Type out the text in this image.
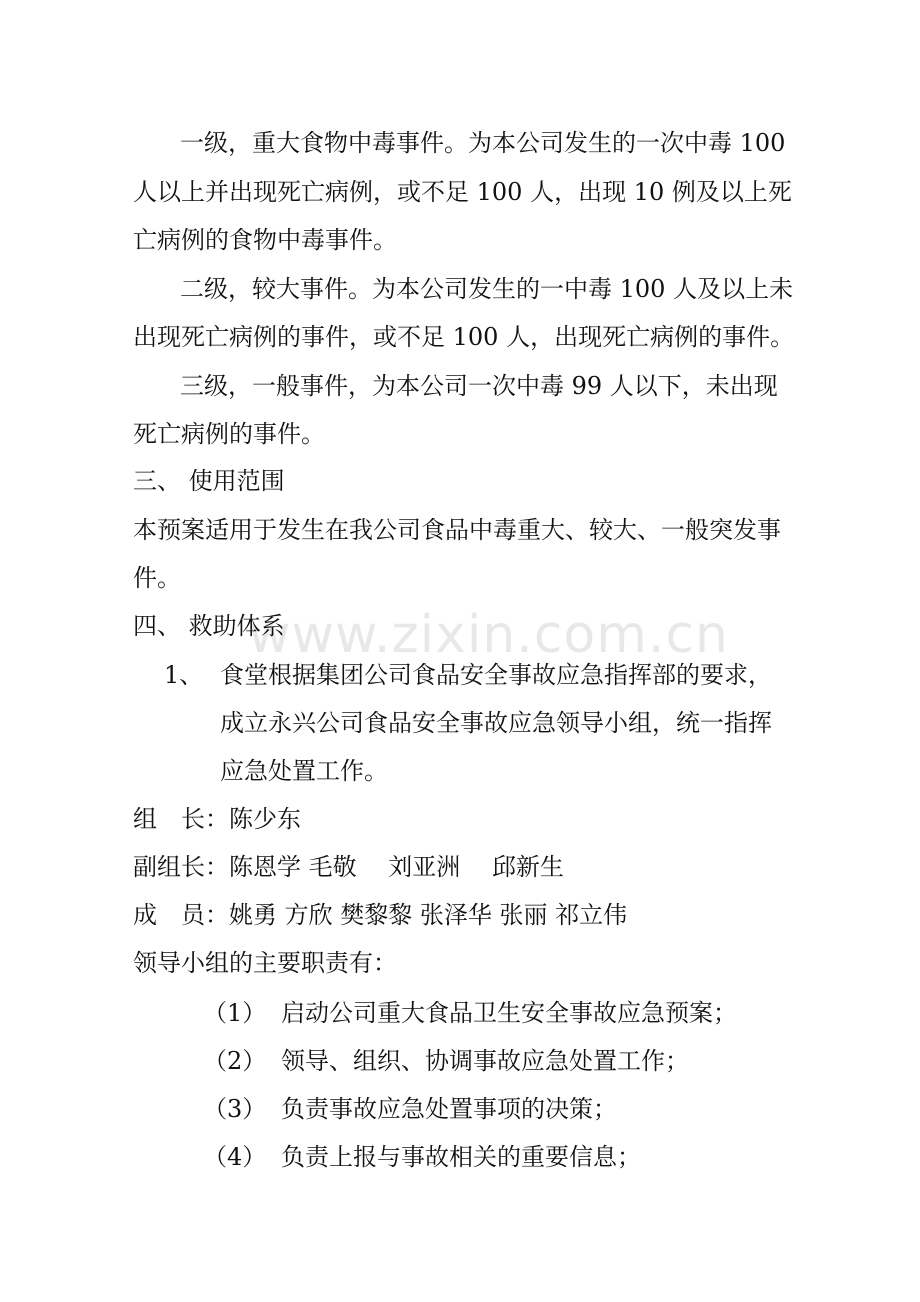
www.zixin.com.cn
一级，重大食物中毒事件。为本公司发生的一次中毒 100
人以上并出现死亡病例，或不足 100 人，出现 10 例及以上死
亡病例的食物中毒事件。
二级，较大事件。为本公司发生的一中毒 100 人及以上未
出现死亡病例的事件，或不足 100 人，出现死亡病例的事件。
三级，一般事件，为本公司一次中毒 99 人以下，未出现
死亡病例的事件。
三、 使用范围
本预案适用于发生在我公司食品中毒重大、较大、一般突发事
件。
四、 救助体系
1、 食堂根据集团公司食品安全事故应急指挥部的要求，
成立永兴公司食品安全事故应急领导小组，统一指挥
应急处置工作。
组　长：陈少东
副组长：陈恩学 毛敬　 刘亚洲　 邱新生
成　员：姚勇 方欣 樊黎黎 张泽华 张丽 祁立伟
领导小组的主要职责有：
（1） 启动公司重大食品卫生安全事故应急预案；
（2） 领导、组织、协调事故应急处置工作；
（3） 负责事故应急处置事项的决策；
（4） 负责上报与事故相关的重要信息；
